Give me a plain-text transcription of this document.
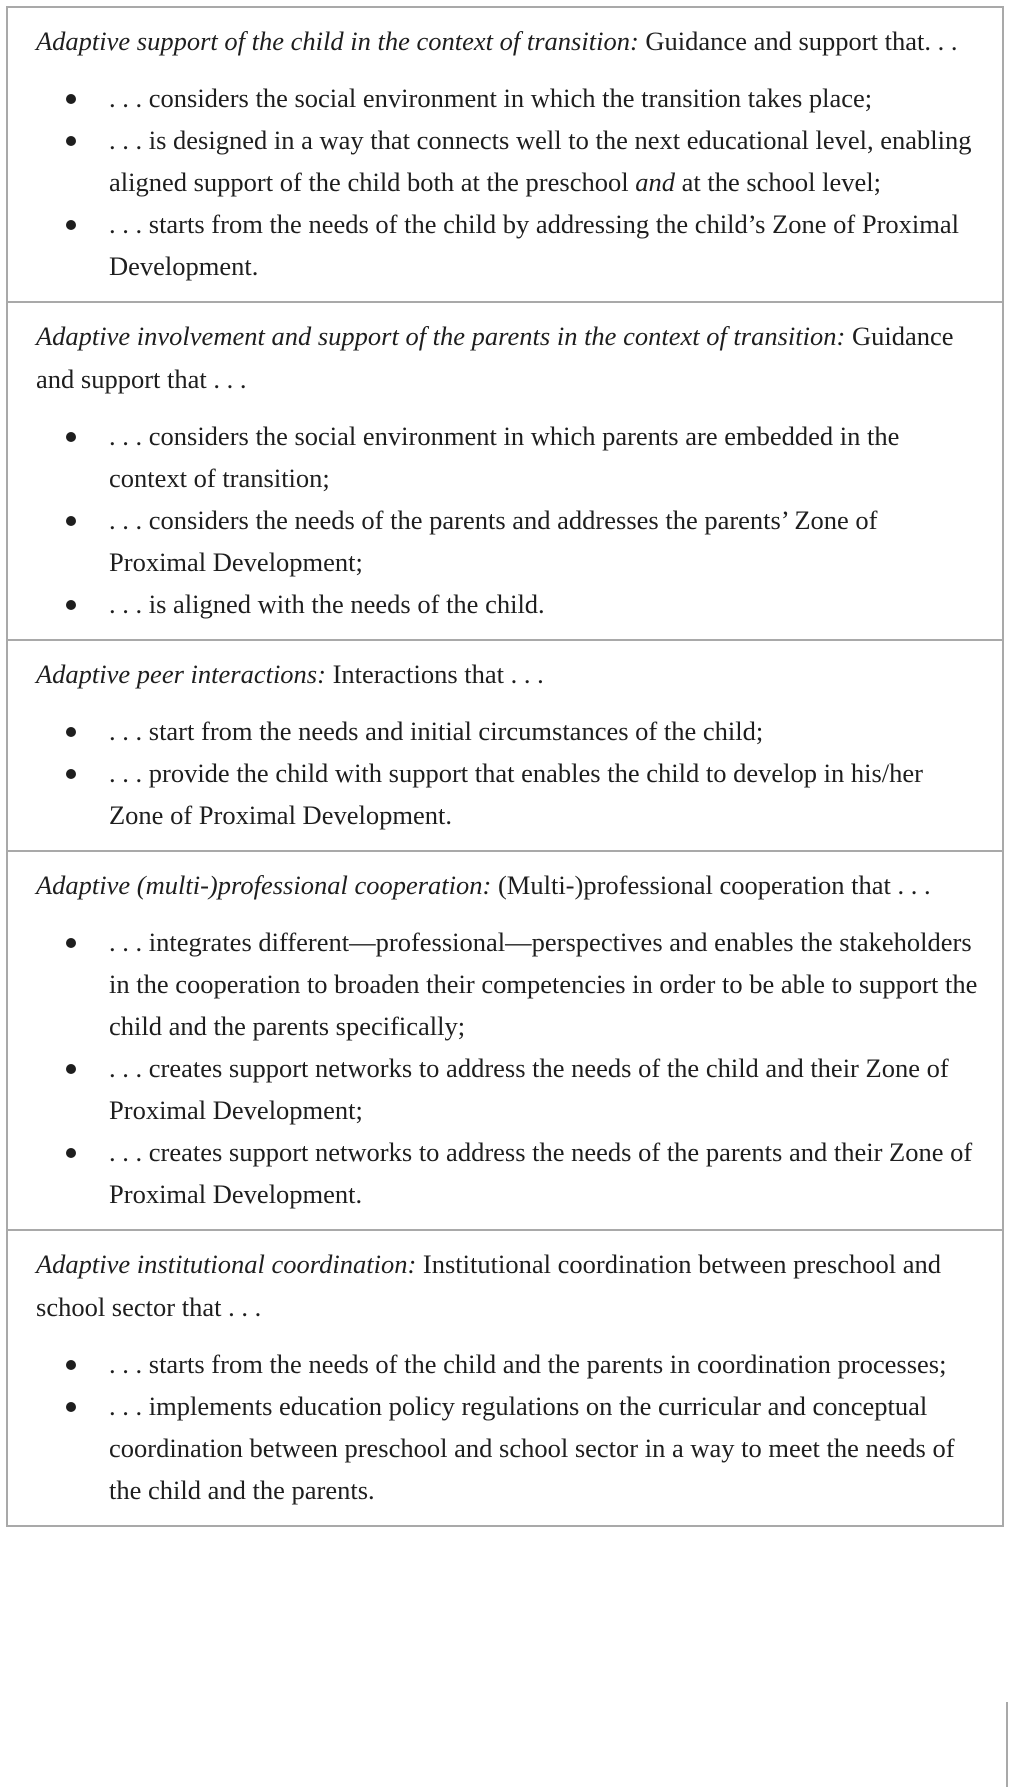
Adaptive support of the child in the context of transition: Guidance and support that. . .

. . . considers the social environment in which the transition takes place;
. . . is designed in a way that connects well to the next educational level, enabling aligned support of the child both at the preschool and at the school level;
. . . starts from the needs of the child by addressing the child’s Zone of Proximal Development.

Adaptive involvement and support of the parents in the context of transition: Guidance and support that . . .

. . . considers the social environment in which parents are embedded in the context of transition;
. . . considers the needs of the parents and addresses the parents’ Zone of Proximal Development;
. . . is aligned with the needs of the child.

Adaptive peer interactions: Interactions that . . .

. . . start from the needs and initial circumstances of the child;
. . . provide the child with support that enables the child to develop in his/her Zone of Proximal Development.

Adaptive (multi-)professional cooperation: (Multi-)professional cooperation that . . .

. . . integrates different—professional—perspectives and enables the stakeholders in the cooperation to broaden their competencies in order to be able to support the child and the parents specifically;
. . . creates support networks to address the needs of the child and their Zone of Proximal Development;
. . . creates support networks to address the needs of the parents and their Zone of Proximal Development.

Adaptive institutional coordination: Institutional coordination between preschool and school sector that . . .

. . . starts from the needs of the child and the parents in coordination processes;
. . . implements education policy regulations on the curricular and conceptual coordination between preschool and school sector in a way to meet the needs of the child and the parents.
